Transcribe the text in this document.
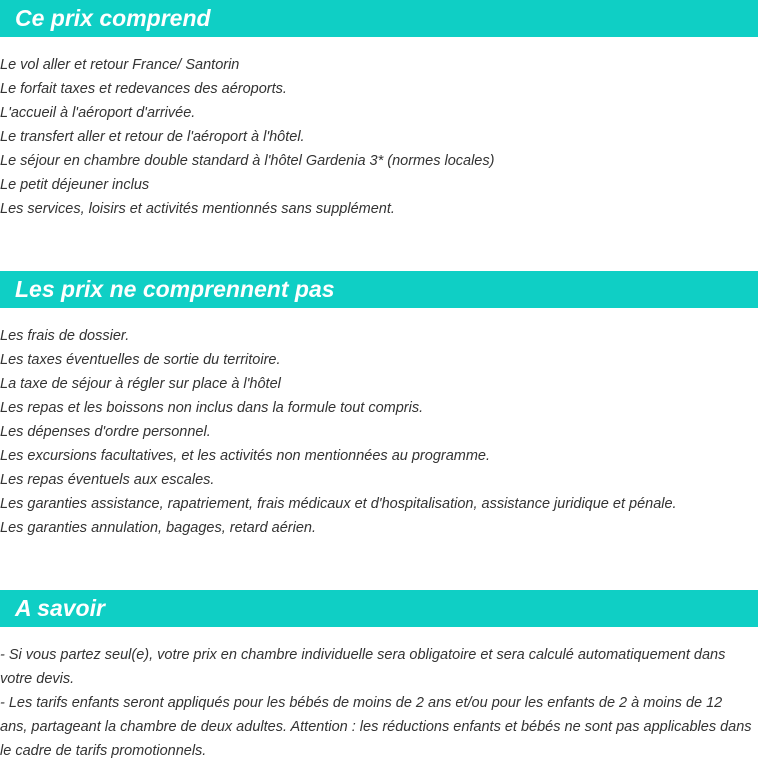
Ce prix comprend
Le vol aller et retour France/ Santorin
Le forfait taxes et redevances des aéroports.
L'accueil à l'aéroport d'arrivée.
Le transfert aller et retour de l'aéroport à l'hôtel.
Le séjour en chambre double standard à l'hôtel Gardenia 3* (normes locales)
Le petit déjeuner inclus
Les services, loisirs et activités mentionnés sans supplément.
Les prix ne comprennent pas
Les frais de dossier.
Les taxes éventuelles de sortie du territoire.
La taxe de séjour à régler sur place à l'hôtel
Les repas et les boissons non inclus dans la formule tout compris.
Les dépenses d'ordre personnel.
Les excursions facultatives, et les activités non mentionnées au programme.
Les repas éventuels aux escales.
Les garanties assistance, rapatriement, frais médicaux et d'hospitalisation, assistance juridique et pénale.
Les garanties annulation, bagages, retard aérien.
A savoir

- Si vous partez seul(e), votre prix en chambre individuelle sera obligatoire et sera calculé automatiquement dans votre devis.

- Les tarifs enfants seront appliqués pour les bébés de moins de 2 ans et/ou pour les enfants de 2 à moins de 12 ans, partageant la chambre de deux adultes. Attention : les réductions enfants et bébés ne sont pas applicables dans le cadre de tarifs promotionnels.
